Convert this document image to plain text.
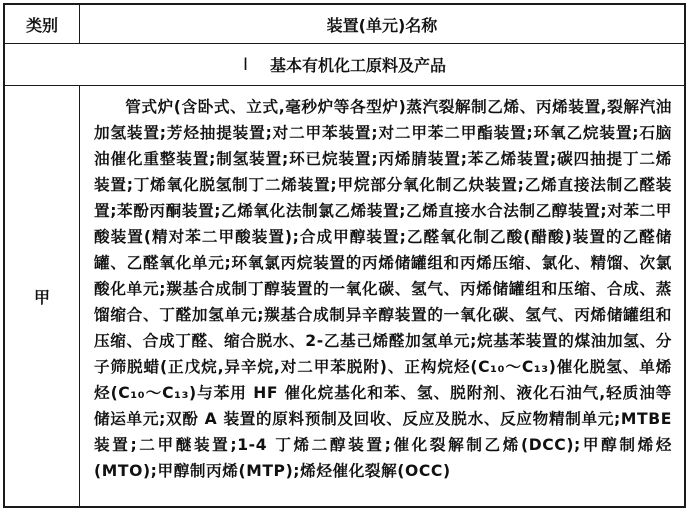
类别	装置(单元)名称
Ⅰ 基本有机化工原料及产品
甲
管式炉(含卧式、立式,毫秒炉等各型炉)蒸汽裂解制乙烯、丙烯装置,裂解汽油加氢装置;芳烃抽提装置;对二甲苯装置;对二甲苯二甲酯装置;环氧乙烷装置;石脑油催化重整装置;制氢装置;环已烷装置;丙烯腈装置;苯乙烯装置;碳四抽提丁二烯装置;丁烯氧化脱氢制丁二烯装置;甲烷部分氧化制乙炔装置;乙烯直接法制乙醛装置;苯酚丙酮装置;乙烯氧化法制氯乙烯装置;乙烯直接水合法制乙醇装置;对苯二甲酸装置(精对苯二甲酸装置);合成甲醇装置;乙醛氧化制乙酸(醋酸)装置的乙醛储罐、乙醛氧化单元;环氧氯丙烷装置的丙烯储罐组和丙烯压缩、氯化、精馏、次氯酸化单元;羰基合成制丁醇装置的一氧化碳、氢气、丙烯储罐组和压缩、合成、蒸馏缩合、丁醛加氢单元;羰基合成制异辛醇装置的一氧化碳、氢气、丙烯储罐组和压缩、合成丁醛、缩合脱水、2-乙基己烯醛加氢单元;烷基苯装置的煤油加氢、分子筛脱蜡(正戊烷,异辛烷,对二甲苯脱附)、正构烷烃(C₁₀～C₁₃)催化脱氢、单烯烃(C₁₀～C₁₃)与苯用 HF 催化烷基化和苯、氢、脱附剂、液化石油气,轻质油等储运单元;双酚 A 装置的原料预制及回收、反应及脱水、反应物精制单元;MTBE 装置;二甲醚装置;1-4 丁烯二醇装置;催化裂解制乙烯(DCC);甲醇制烯烃(MTO);甲醇制丙烯(MTP);烯烃催化裂解(OCC)
